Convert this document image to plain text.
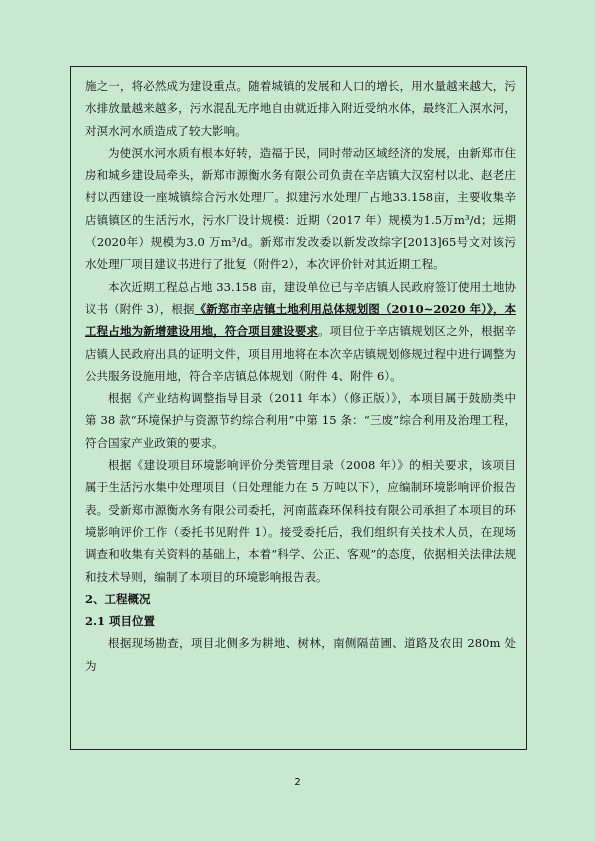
施之一，将必然成为建设重点。随着城镇的发展和人口的增长，用水量越来越大，污水排放量越来越多，污水混乱无序地自由就近排入附近受纳水体，最终汇入溟水河，对溟水河水质造成了较大影响。

为使溟水河水质有根本好转，造福于民，同时带动区域经济的发展，由新郑市住房和城乡建设局牵头，新郑市源衡水务有限公司负责在辛店镇大汉窑村以北、赵老庄村以西建设一座城镇综合污水处理厂。拟建污水处理厂占地33.158亩，主要收集辛店镇镇区的生活污水，污水厂设计规模：近期（2017 年）规模为1.5万m³/d；远期（2020年）规模为3.0 万m³/d。新郑市发改委以新发改综字[2013]65号文对该污水处理厂项目建议书进行了批复（附件2），本次评价针对其近期工程。

本次近期工程总占地 33.158 亩，建设单位已与辛店镇人民政府签订使用土地协议书（附件 3），根据《新郑市辛店镇土地利用总体规划图（2010~2020 年）》，本工程占地为新增建设用地，符合项目建设要求。项目位于辛店镇规划区之外，根据辛店镇人民政府出具的证明文件，项目用地将在本次辛店镇规划修规过程中进行调整为公共服务设施用地，符合辛店镇总体规划（附件 4、附件 6）。

根据《产业结构调整指导目录（2011 年本）（修正版）》，本项目属于鼓励类中第 38 款“环境保护与资源节约综合利用”中第 15 条：“三废”综合利用及治理工程，符合国家产业政策的要求。

根据《建设项目环境影响评价分类管理目录（2008 年）》的相关要求，该项目属于生活污水集中处理项目（日处理能力在 5 万吨以下），应编制环境影响评价报告表。受新郑市源衡水务有限公司委托，河南蓝森环保科技有限公司承担了本项目的环境影响评价工作（委托书见附件 1）。接受委托后，我们组织有关技术人员，在现场调查和收集有关资料的基础上，本着“科学、公正、客观”的态度，依据相关法律法规和技术导则，编制了本项目的环境影响报告表。

2、工程概况
2.1 项目位置

根据现场勘查，项目北侧多为耕地、树林，南侧隔苗圃、道路及农田 280m 处为

2
